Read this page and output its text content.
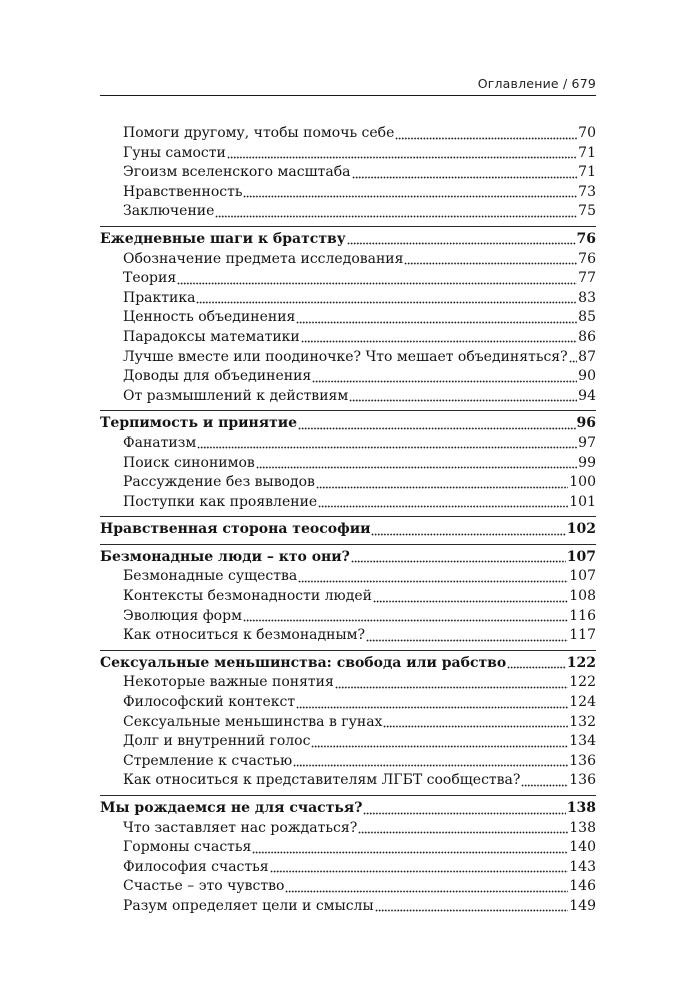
Оглавление / 679
Помоги другому, чтобы помочь себе	70
Гуны самости	71
Эгоизм вселенского масштаба	71
Нравственность	73
Заключение	75
Ежедневные шаги к братству	76
Обозначение предмета исследования	76
Теория	77
Практика	83
Ценность объединения	85
Парадоксы математики	86
Лучше вместе или поодиночке? Что мешает объединяться? 87
Доводы для объединения	90
От размышлений к действиям	94
Терпимость и принятие	96
Фанатизм	97
Поиск синонимов	99
Рассуждение без выводов	100
Поступки как проявление	101
Нравственная сторона теософии	102
Безмонадные люди – кто они?	107
Безмонадные существа	107
Контексты безмонадности людей	108
Эволюция форм	116
Как относиться к безмонадным?	117
Сексуальные меньшинства: свобода или рабство	122
Некоторые важные понятия	122
Философский контекст	124
Сексуальные меньшинства в гунах	132
Долг и внутренний голос	134
Стремление к счастью	136
Как относиться к представителям ЛГБТ сообщества?	136
Мы рождаемся не для счастья?	138
Что заставляет нас рождаться?	138
Гормоны счастья	140
Философия счастья	143
Счастье – это чувство	146
Разум определяет цели и смыслы	149
